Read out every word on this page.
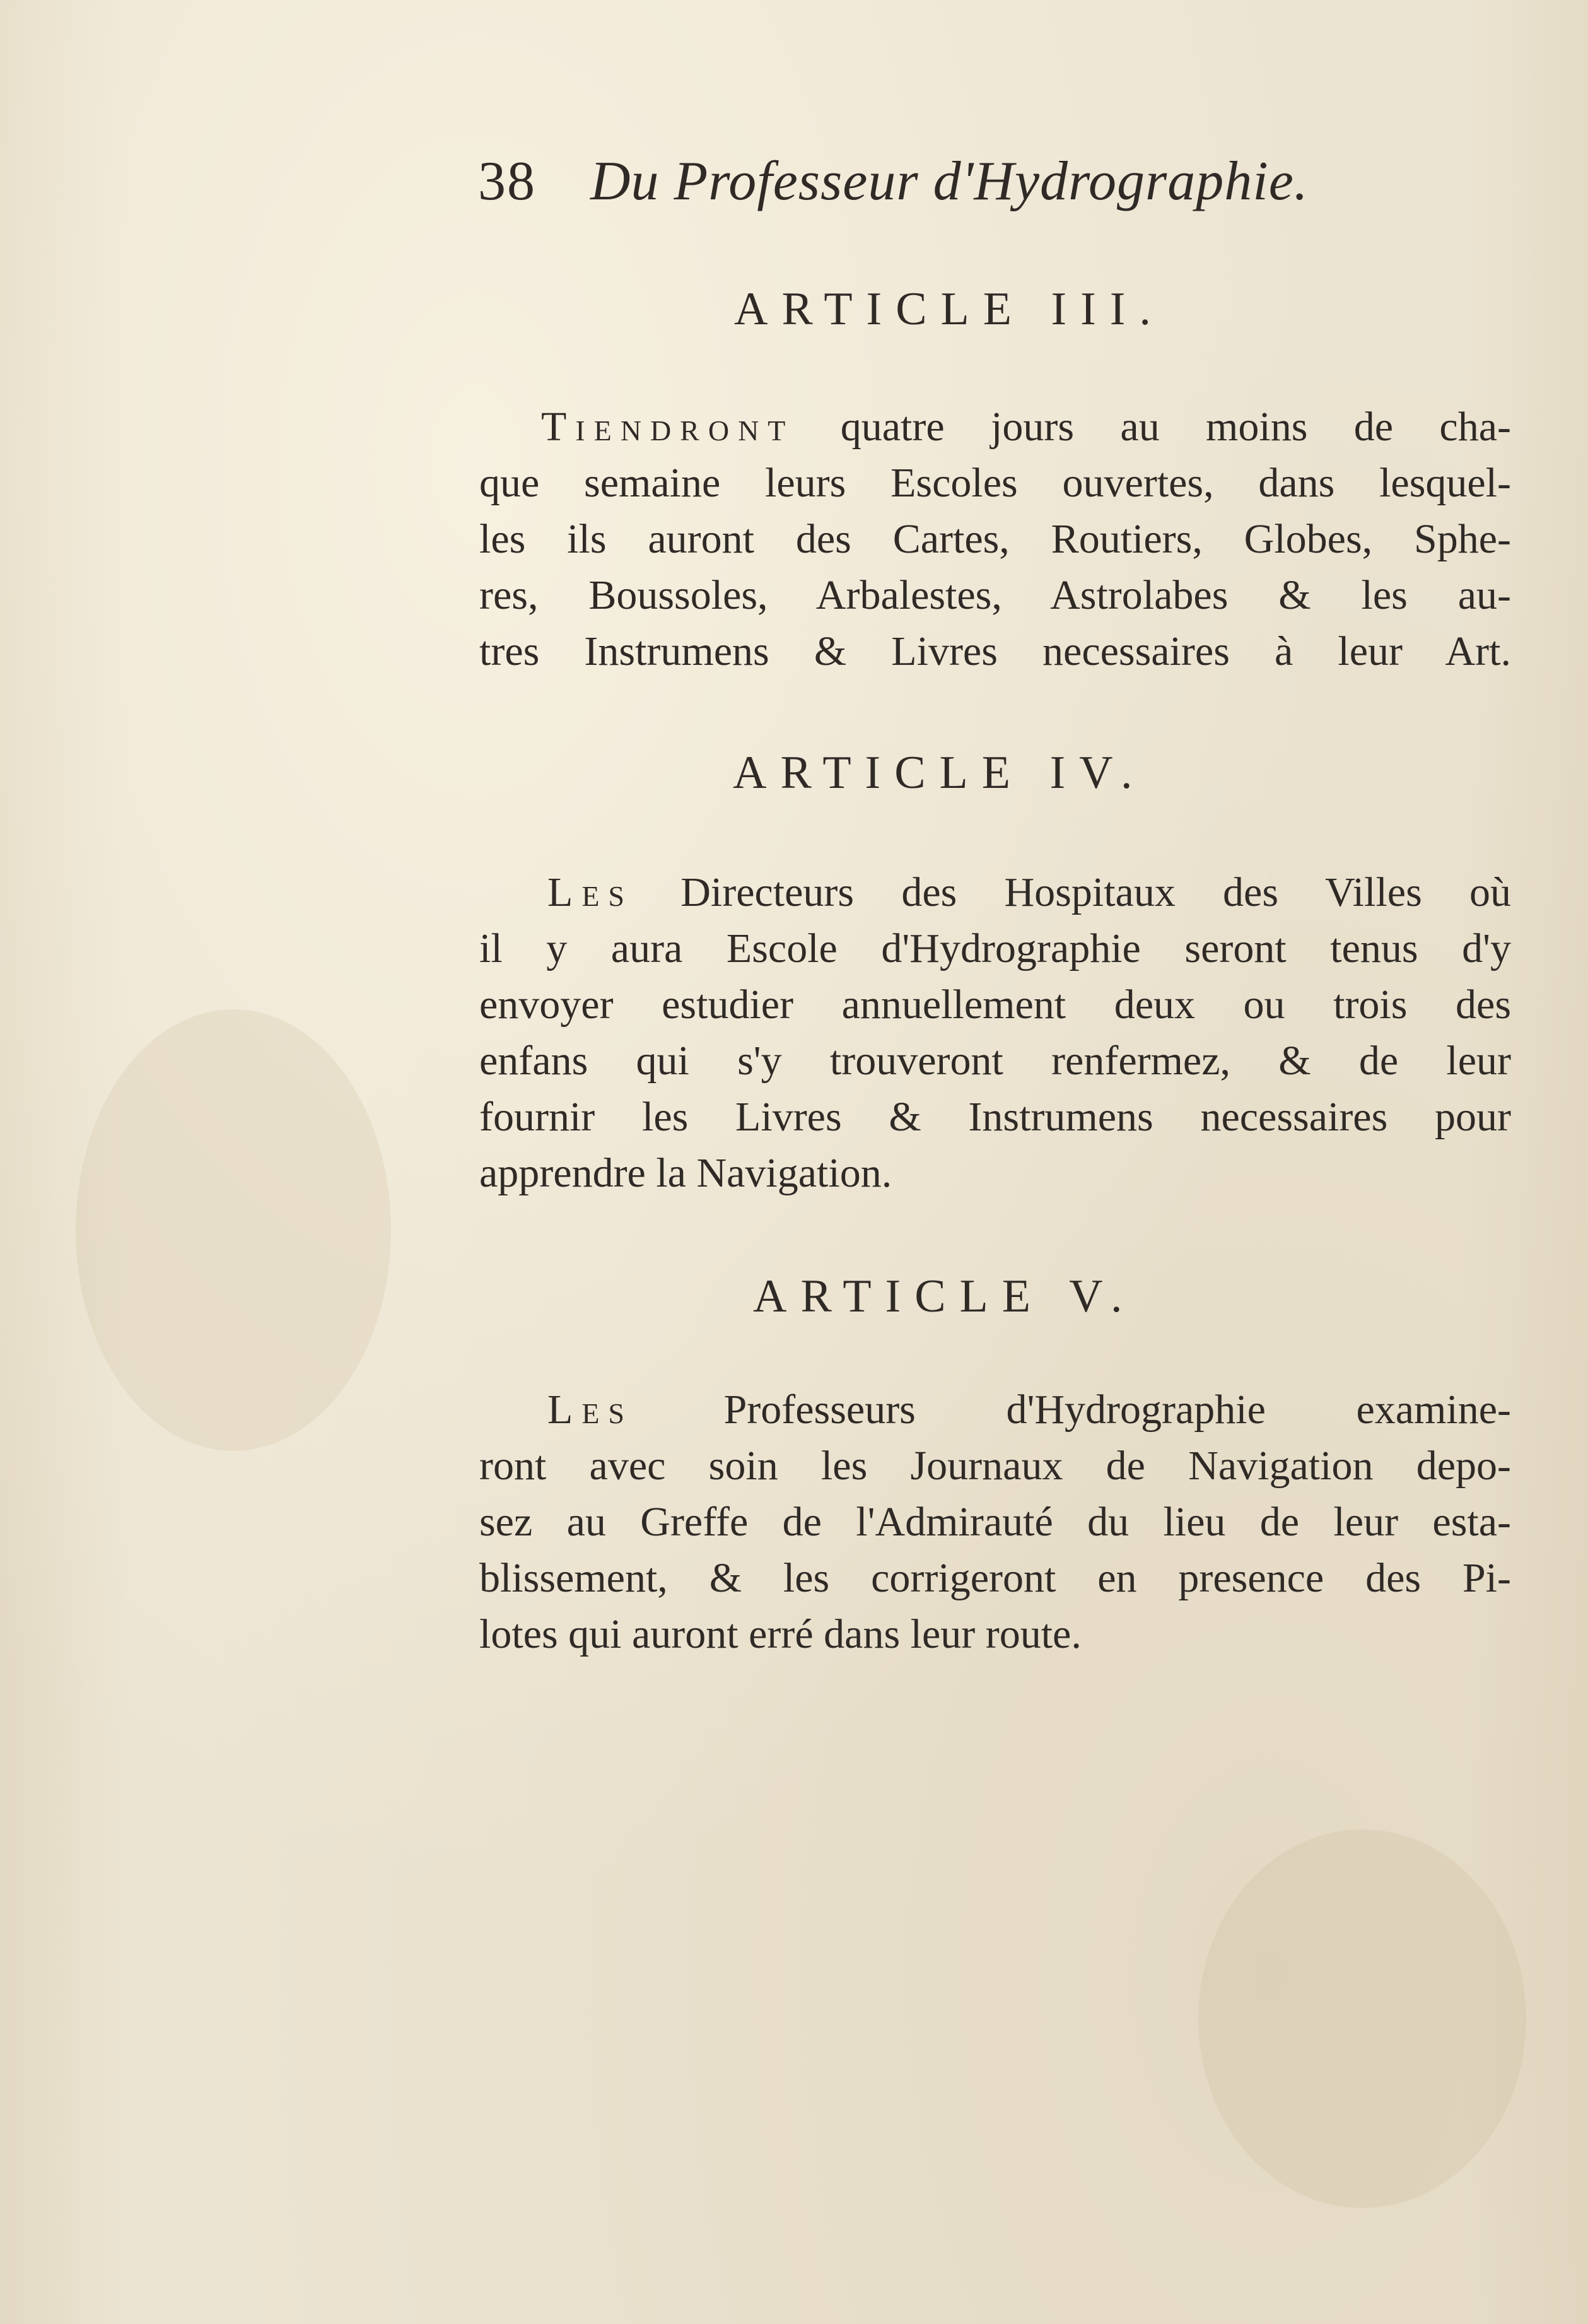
38 Du Professeur d'Hydrographie.
ARTICLE III.
Tiendront quatre jours au moins de cha-
que semaine leurs Escoles ouvertes, dans lesquel-
les ils auront des Cartes, Routiers, Globes, Sphe-
res, Boussoles, Arbalestes, Astrolabes & les au-
tres Instrumens & Livres necessaires à leur Art.
ARTICLE IV.
Les Directeurs des Hospitaux des Villes où
il y aura Escole d'Hydrographie seront tenus d'y
envoyer estudier annuellement deux ou trois des
enfans qui s'y trouveront renfermez, & de leur
fournir les Livres & Instrumens necessaires pour
apprendre la Navigation.
ARTICLE V.
Les Professeurs d'Hydrographie examine-
ront avec soin les Journaux de Navigation depo-
sez au Greffe de l'Admirauté du lieu de leur esta-
blissement, & les corrigeront en presence des Pi-
lotes qui auront erré dans leur route.
